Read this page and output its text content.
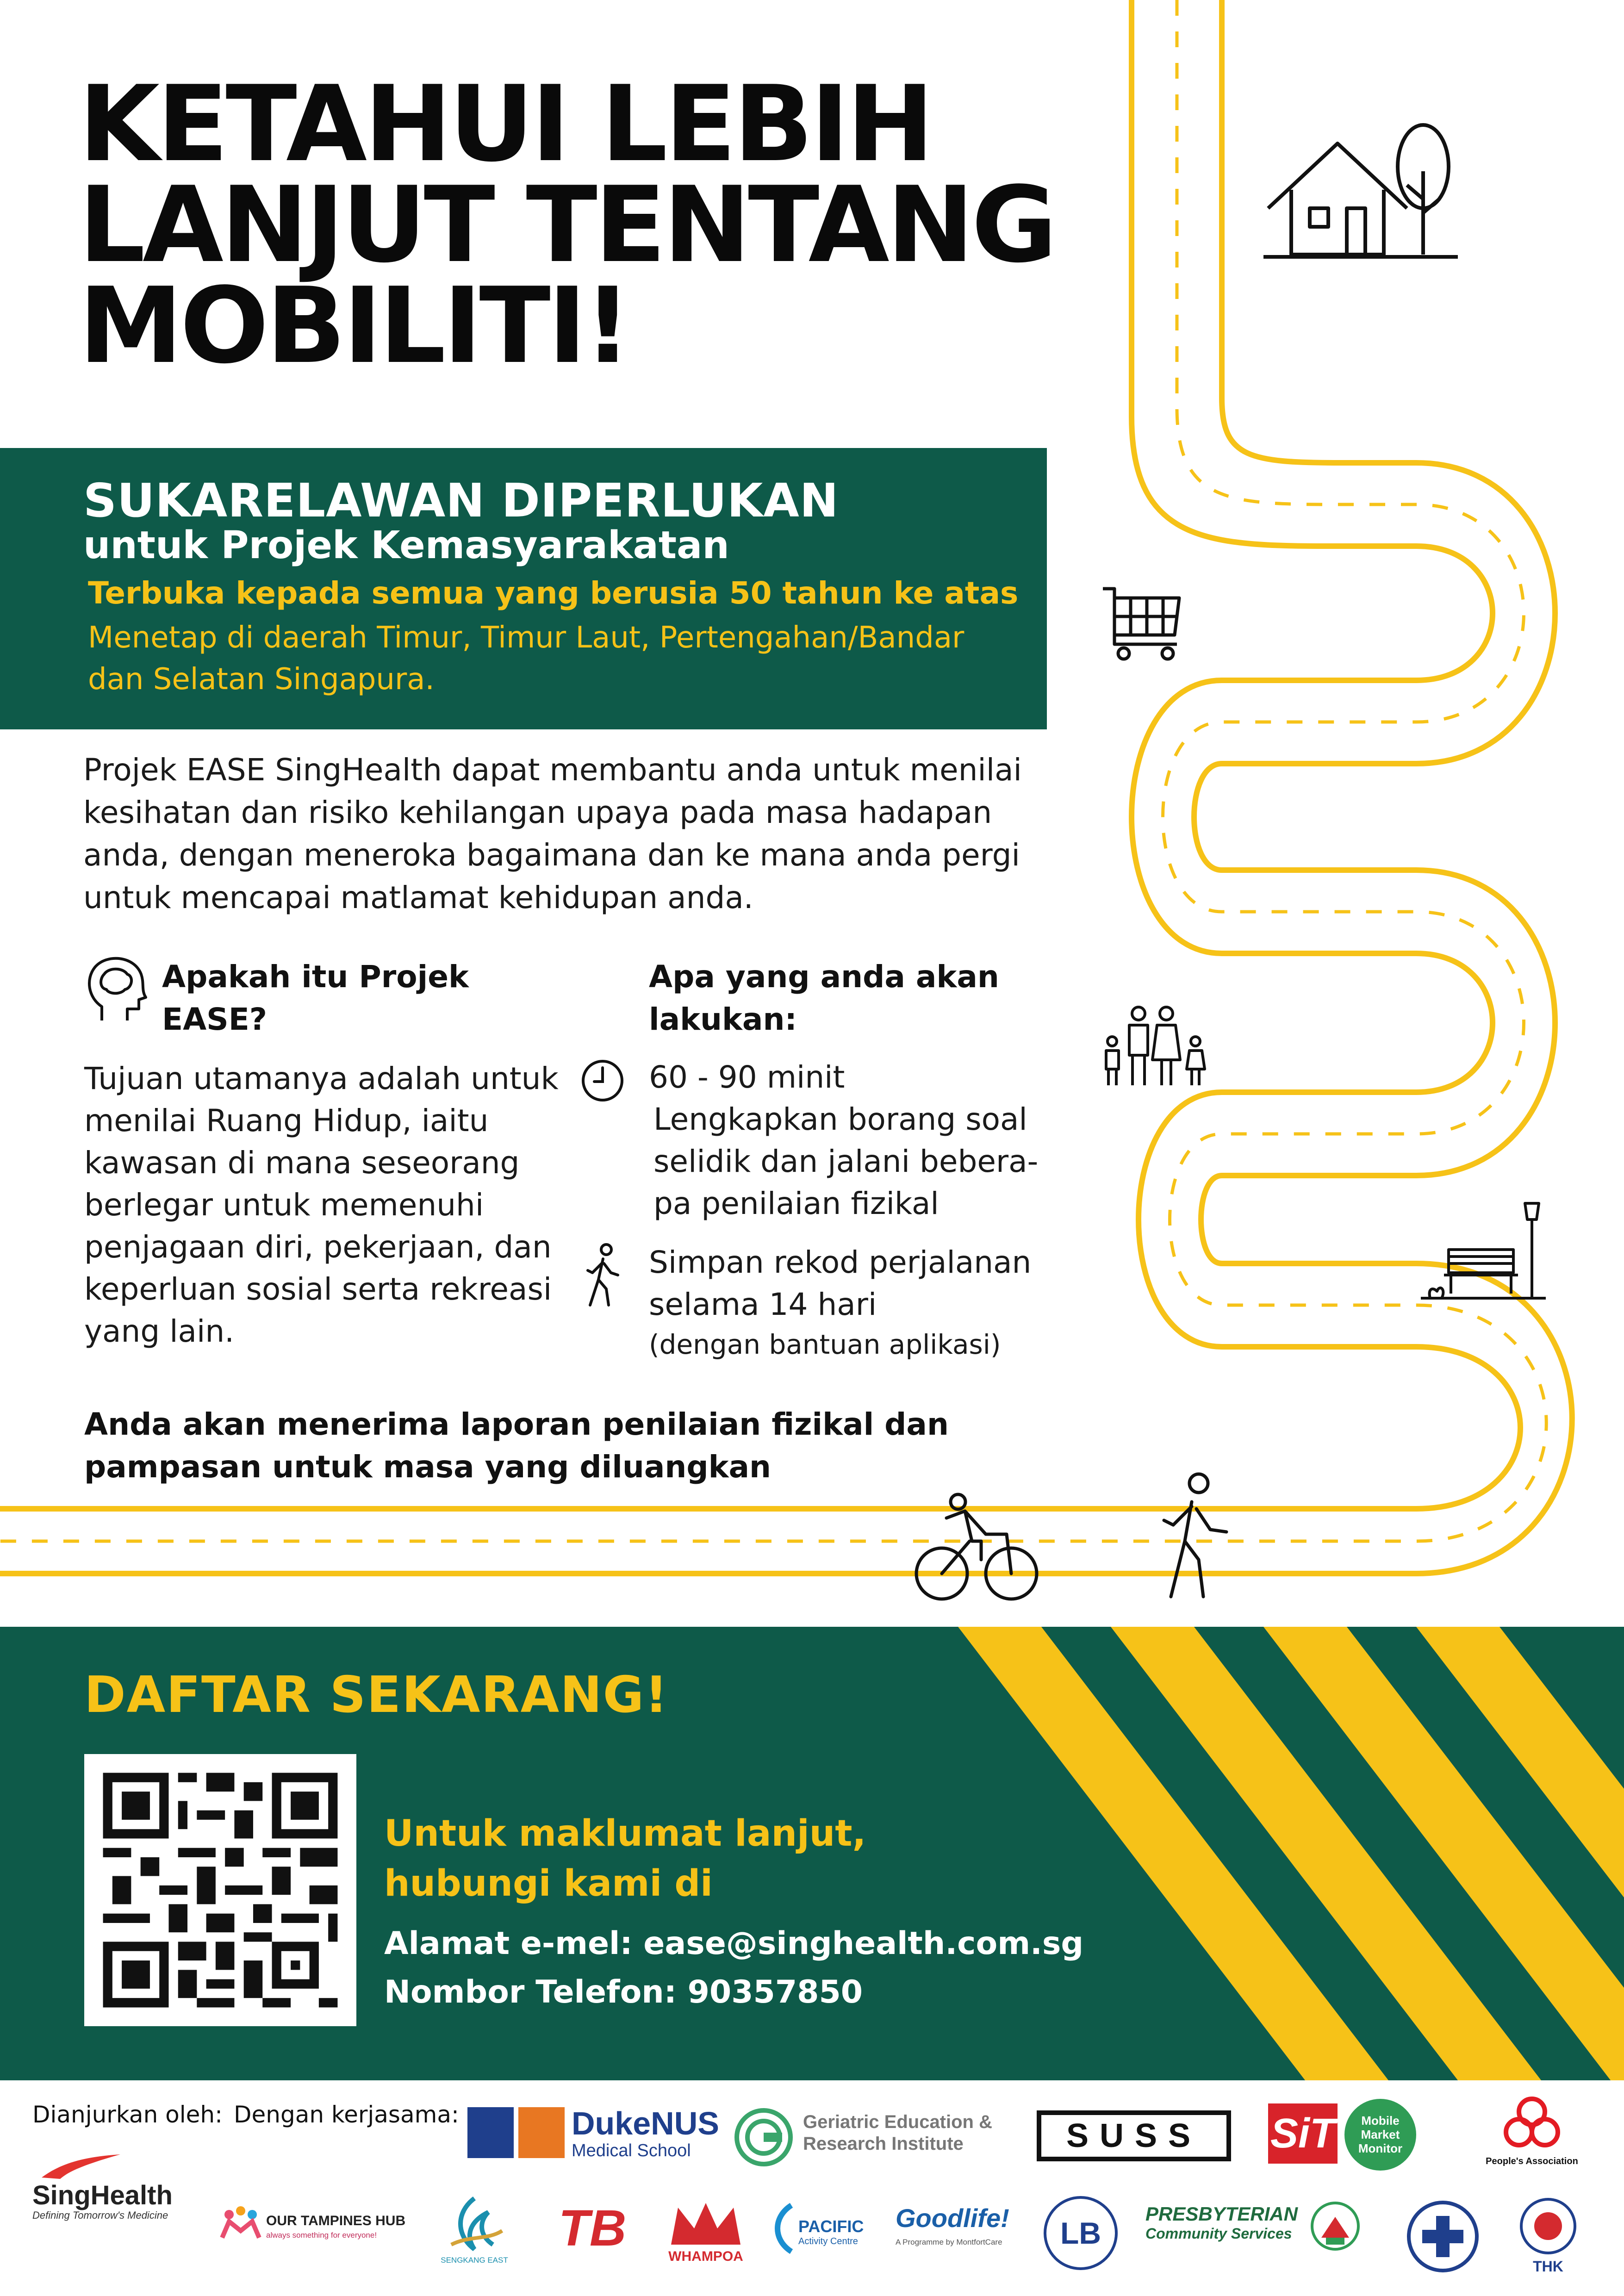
KETAHUI LEBIH
LANJUT TENTANG
MOBILITI!
SUKARELAWAN DIPERLUKAN
untuk Projek Kemasyarakatan
Terbuka kepada semua yang berusia 50 tahun ke atas
Menetap di daerah Timur, Timur Laut, Pertengahan/Bandar dan Selatan Singapura.

Projek EASE SingHealth dapat membantu anda untuk menilai kesihatan dan risiko kehilangan upaya pada masa hadapan anda, dengan meneroka bagaimana dan ke mana anda pergi untuk mencapai matlamat kehidupan anda.

Apakah itu Projek EASE?

Tujuan utamanya adalah untuk menilai Ruang Hidup, iaitu kawasan di mana seseorang berlegar untuk memenuhi penjagaan diri, pekerjaan, dan keperluan sosial serta rekreasi yang lain.

Apa yang anda akan lakukan:

60 - 90 minit
Lengkapkan borang soal selidik dan jalani bebera-pa penilaian fizikal
Simpan rekod perjalanan selama 14 hari
(dengan bantuan aplikasi)

Anda akan menerima laporan penilaian fizikal dan pampasan untuk masa yang diluangkan

DAFTAR SEKARANG!

Untuk maklumat lanjut, hubungi kami di

Alamat e-mel: ease@singhealth.com.sg
Nombor Telefon: 90357850
Dianjurkan oleh: Dengan kerjasama:
SingHealth
Defining Tomorrow's Medicine
DukeNUS
Medical School
Geriatric Education &
Research Institute	SUSS	SiT	Mobile Market Monitor
People's Association
OUR TAMPINES HUB
always something for everyone!
SENGKANG EAST
TB	WHAMPOA
PACIFIC
Activity Centre
Goodlife!
A Programme by MontfortCare	LB
PRESBYTERIAN
Community Services
THK
